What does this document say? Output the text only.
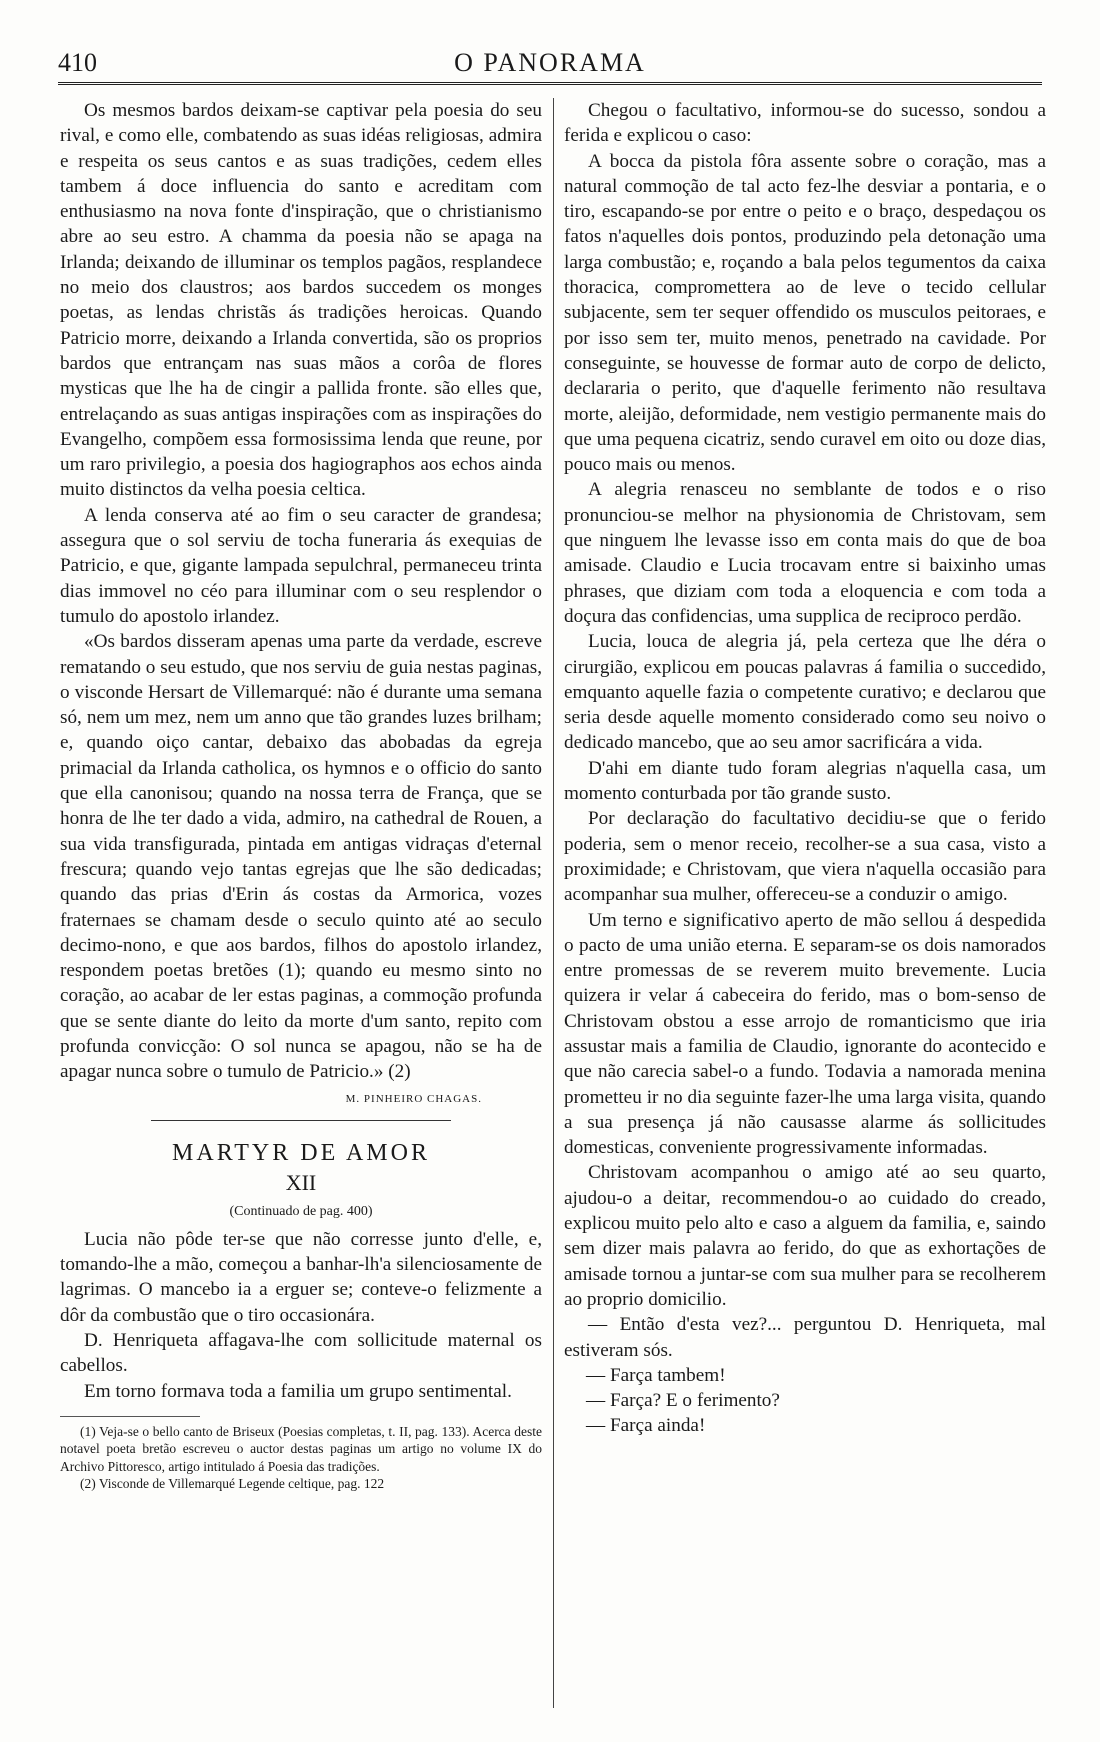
410	O PANORAMA

Os mesmos bardos deixam-se captivar pela poesia do seu rival, e como elle, combatendo as suas idéas religiosas, admira e respeita os seus cantos e as suas tradições, cedem elles tambem á doce influencia do santo e acreditam com enthusiasmo na nova fonte d'inspiração, que o christianismo abre ao seu estro. A chamma da poesia não se apaga na Irlanda; deixando de illuminar os templos pagãos, resplandece no meio dos claustros; aos bardos succedem os monges poetas, as lendas christãs ás tradições heroicas. Quando Patricio morre, deixando a Irlanda convertida, são os proprios bardos que entrançam nas suas mãos a corôa de flores mysticas que lhe ha de cingir a pallida fronte. são elles que, entrelaçando as suas antigas inspirações com as inspirações do Evangelho, compõem essa formosissima lenda que reune, por um raro privilegio, a poesia dos hagiographos aos echos ainda muito distinctos da velha poesia celtica.

A lenda conserva até ao fim o seu caracter de grandesa; assegura que o sol serviu de tocha funeraria ás exequias de Patricio, e que, gigante lampada sepulchral, permaneceu trinta dias immovel no céo para illuminar com o seu resplendor o tumulo do apostolo irlandez.

«Os bardos disseram apenas uma parte da verdade, escreve rematando o seu estudo, que nos serviu de guia nestas paginas, o visconde Hersart de Villemarqué: não é durante uma semana só, nem um mez, nem um anno que tão grandes luzes brilham; e, quando oiço cantar, debaixo das abobadas da egreja primacial da Irlanda catholica, os hymnos e o officio do santo que ella canonisou; quando na nossa terra de França, que se honra de lhe ter dado a vida, admiro, na cathedral de Rouen, a sua vida transfigurada, pintada em antigas vidraças d'eternal frescura; quando vejo tantas egrejas que lhe são dedicadas; quando das prias d'Erin ás costas da Armorica, vozes fraternaes se chamam desde o seculo quinto até ao seculo decimo-nono, e que aos bardos, filhos do apostolo irlandez, respondem poetas bretões (1); quando eu mesmo sinto no coração, ao acabar de ler estas paginas, a commoção profunda que se sente diante do leito da morte d'um santo, repito com profunda convicção: O sol nunca se apagou, não se ha de apagar nunca sobre o tumulo de Patricio.» (2)

M. PINHEIRO CHAGAS.

MARTYR DE AMOR

XII

(Continuado de pag. 400)

Lucia não pôde ter-se que não corresse junto d'elle, e, tomando-lhe a mão, começou a banhar-lh'a silenciosamente de lagrimas. O mancebo ia a erguer se; conteve-o felizmente a dôr da combustão que o tiro occasionára.

D. Henriqueta affagava-lhe com sollicitude maternal os cabellos.

Em torno formava toda a familia um grupo sentimental.

(1) Veja-se o bello canto de Briseux (Poesias completas, t. II, pag. 133). Acerca deste notavel poeta bretão escreveu o auctor destas paginas um artigo no volume IX do Archivo Pittoresco, artigo intitulado á Poesia das tradições.

(2) Visconde de Villemarqué Legende celtique, pag. 122

Chegou o facultativo, informou-se do sucesso, sondou a ferida e explicou o caso:

A bocca da pistola fôra assente sobre o coração, mas a natural commoção de tal acto fez-lhe desviar a pontaria, e o tiro, escapando-se por entre o peito e o braço, despedaçou os fatos n'aquelles dois pontos, produzindo pela detonação uma larga combustão; e, roçando a bala pelos tegumentos da caixa thoracica, compromettera ao de leve o tecido cellular subjacente, sem ter sequer offendido os musculos peitoraes, e por isso sem ter, muito menos, penetrado na cavidade. Por conseguinte, se houvesse de formar auto de corpo de delicto, declararia o perito, que d'aquelle ferimento não resultava morte, aleijão, deformidade, nem vestigio permanente mais do que uma pequena cicatriz, sendo curavel em oito ou doze dias, pouco mais ou menos.

A alegria renasceu no semblante de todos e o riso pronunciou-se melhor na physionomia de Christovam, sem que ninguem lhe levasse isso em conta mais do que de boa amisade. Claudio e Lucia trocavam entre si baixinho umas phrases, que diziam com toda a eloquencia e com toda a doçura das confidencias, uma supplica de reciproco perdão.

Lucia, louca de alegria já, pela certeza que lhe déra o cirurgião, explicou em poucas palavras á familia o succedido, emquanto aquelle fazia o competente curativo; e declarou que seria desde aquelle momento considerado como seu noivo o dedicado mancebo, que ao seu amor sacrificára a vida.

D'ahi em diante tudo foram alegrias n'aquella casa, um momento conturbada por tão grande susto.

Por declaração do facultativo decidiu-se que o ferido poderia, sem o menor receio, recolher-se a sua casa, visto a proximidade; e Christovam, que viera n'aquella occasião para acompanhar sua mulher, offereceu-se a conduzir o amigo.

Um terno e significativo aperto de mão sellou á despedida o pacto de uma união eterna. E separam-se os dois namorados entre promessas de se reverem muito brevemente. Lucia quizera ir velar á cabeceira do ferido, mas o bom-senso de Christovam obstou a esse arrojo de romanticismo que iria assustar mais a familia de Claudio, ignorante do acontecido e que não carecia sabel-o a fundo. Todavia a namorada menina prometteu ir no dia seguinte fazer-lhe uma larga visita, quando a sua presença já não causasse alarme ás sollicitudes domesticas, conveniente progressivamente informadas.

Christovam acompanhou o amigo até ao seu quarto, ajudou-o a deitar, recommendou-o ao cuidado do creado, explicou muito pelo alto e caso a alguem da familia, e, saindo sem dizer mais palavra ao ferido, do que as exhortações de amisade tornou a juntar-se com sua mulher para se recolherem ao proprio domicilio.

— Então d'esta vez?... perguntou D. Henriqueta, mal estiveram sós.

— Farça tambem!

— Farça? E o ferimento?

— Farça ainda!
